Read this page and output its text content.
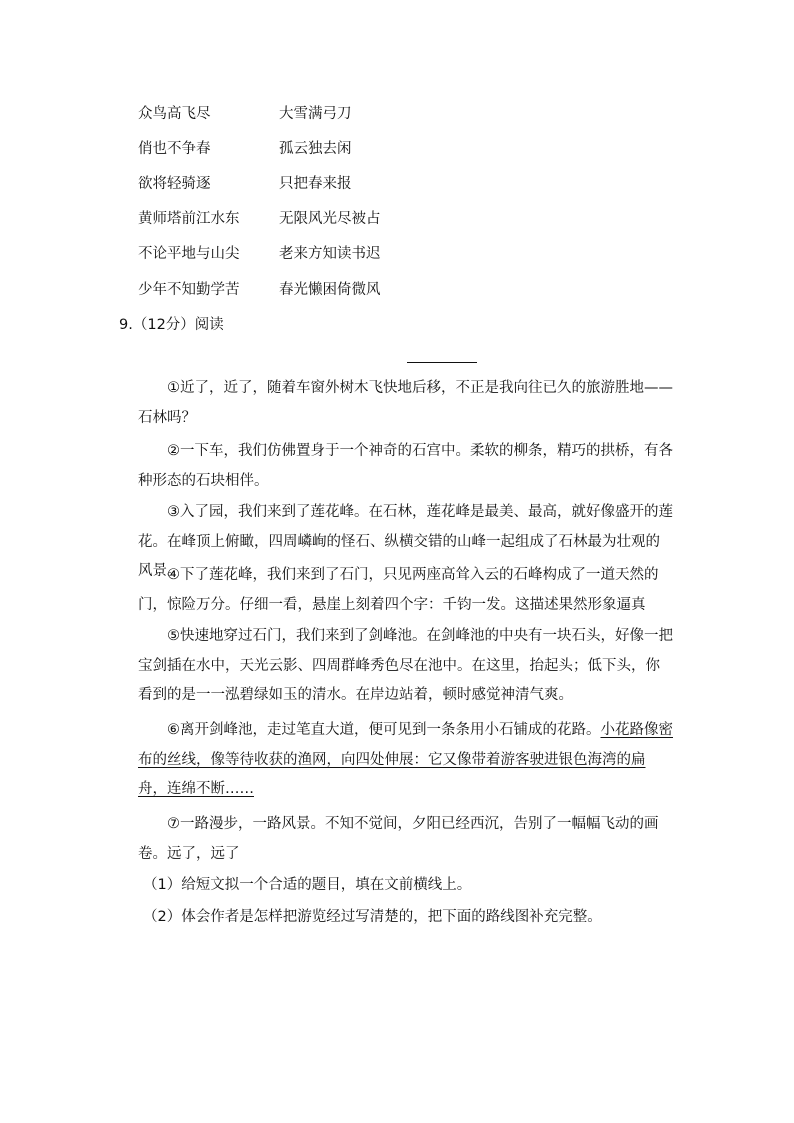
众鸟高飞尽	大雪满弓刀
俏也不争春	孤云独去闲
欲将轻骑逐	只把春来报
黄师塔前江水东	无限风光尽被占
不论平地与山尖	老来方知读书迟
少年不知勤学苦	春光懒困倚微风
9.（12分）阅读

①近了，近了，随着车窗外树木飞快地后移，不正是我向往已久的旅游胜地——石林吗？

②一下车，我们仿佛置身于一个神奇的石宫中。柔软的柳条，精巧的拱桥，有各种形态的石块相伴。

③入了园，我们来到了莲花峰。在石林，莲花峰是最美、最高，就好像盛开的莲花。在峰顶上俯瞰，四周嶙峋的怪石、纵横交错的山峰一起组成了石林最为壮观的风景。

④下了莲花峰，我们来到了石门，只见两座高耸入云的石峰构成了一道天然的门，惊险万分。仔细一看，悬崖上刻着四个字：千钧一发。这描述果然形象逼真

⑤快速地穿过石门，我们来到了剑峰池。在剑峰池的中央有一块石头，好像一把宝剑插在水中，天光云影、四周群峰秀色尽在池中。在这里，抬起头；低下头，你看到的是一一泓碧绿如玉的清水。在岸边站着，顿时感觉神清气爽。

⑥离开剑峰池，走过笔直大道，便可见到一条条用小石铺成的花路。小花路像密布的丝线，像等待收获的渔网，向四处伸展：它又像带着游客驶进银色海湾的扁舟，连绵不断……

⑦一路漫步，一路风景。不知不觉间，夕阳已经西沉，告别了一幅幅飞动的画卷。远了，远了

（1）给短文拟一个合适的题目，填在文前横线上。
（2）体会作者是怎样把游览经过写清楚的，把下面的路线图补充完整。
